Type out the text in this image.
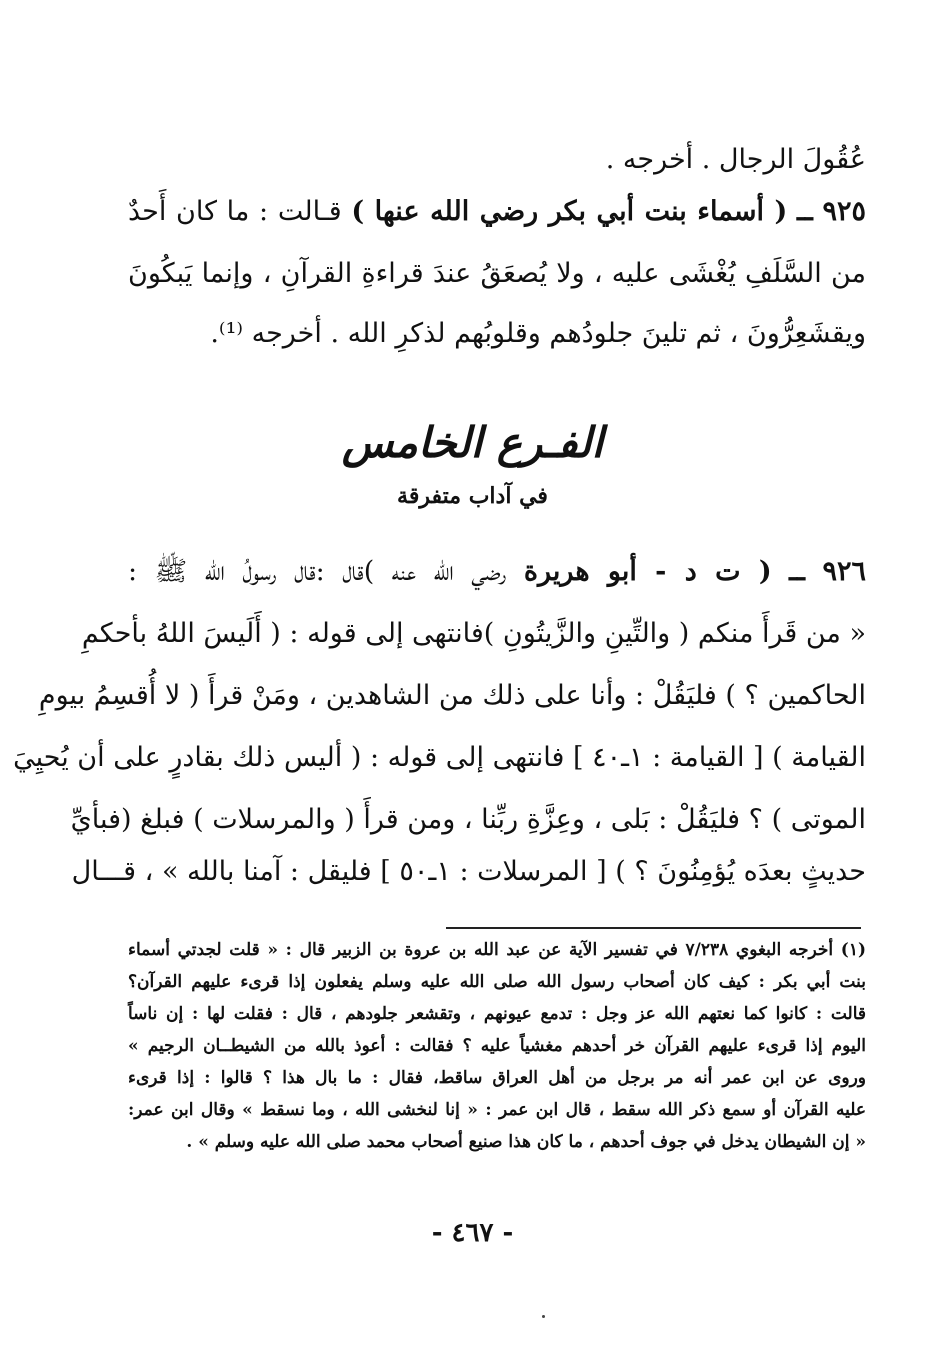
عُقُولَ الرجال . أخرجه .
٩٢٥ ــ ( أسماء بنت أبي بكر رضي الله عنها ) قـالت : ما كان أَحدٌ
من السَّلَفِ يُغْشَى عليه ، ولا يُصعَقُ عندَ قراءةِ القرآنِ ، وإنما يَبكُونَ
ويقشَعِرُّونَ ، ثم تلينَ جلودُهم وقلوبُهم لذكرِ الله . أخرجه ⁽¹⁾.
الفـرع الخامس
في آداب متفرقة
٩٢٦ ــ ( ت د - أبو هريرة رضي الله عنه )قال :قال رسولُ الله ﷺ :
« من قَرأَ منكم ( والتِّينِ والزَّيتُونِ )فانتهى إلى قوله : ( أَلَيسَ اللهُ بأحكمِ
الحاكمين ؟ ) فليَقُلْ : وأنا على ذلك من الشاهدين ، ومَنْ قرأَ ( لا أُقسِمُ بيومِ
القيامة ) [ القيامة : ١ـ٤٠ ] فانتهى إلى قوله : ( أليس ذلك بقادرٍ على أن يُحيِيَ
الموتى ) ؟ فليَقُلْ : بَلى ، وعِزَّةِ ربِّنا ، ومن قرأَ ( والمرسلات ) فبلغ (فبأيِّ
حديثٍ بعدَه يُؤمِنُونَ ؟ ) [ المرسلات : ١ـ٥٠ ] فليقل : آمنا بالله » ، قـــال
(١) أخرجه البغوي ٧/٢٣٨ في تفسير الآية عن عبد الله بن عروة بن الزبير قال : « قلت لجدتي أسماء
بنت أبي بكر : كيف كان أصحاب رسول الله صلى الله عليه وسلم يفعلون إذا قرىء عليهم القرآن؟
قالت : كانوا كما نعتهم الله عز وجل : تدمع عيونهم ، وتقشعر جلودهم ، قال : فقلت لها : إن ناساً
اليوم إذا قرىء عليهم القرآن خر أحدهم مغشياً عليه ؟ فقالت : أعوذ بالله من الشيطــان الرجيم »
وروى عن ابن عمر أنه مر برجل من أهل العراق ساقط، فقال : ما بال هذا ؟ قالوا : إذا قرىء
عليه القرآن أو سمع ذكر الله سقط ، قال ابن عمر : « إنا لنخشى الله ، وما نسقط » وقال ابن عمر:
« إن الشيطان يدخل في جوف أحدهم ، ما كان هذا صنيع أصحاب محمد صلى الله عليه وسلم » .
- ٤٦٧ -
